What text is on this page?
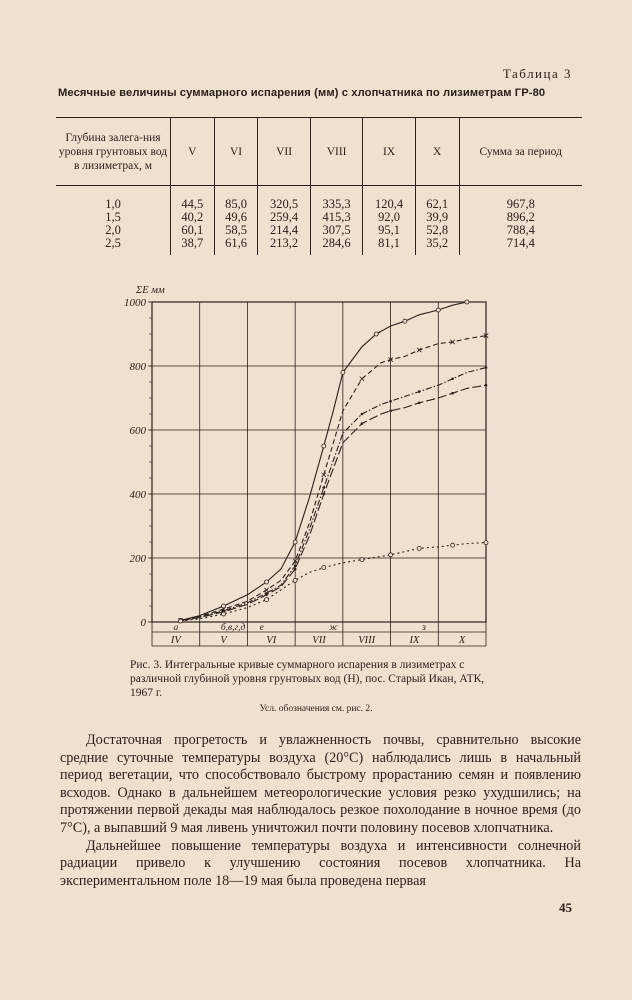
Таблица 3
Месячные величины суммарного испарения (мм) с хлопчатника по лизиметрам ГР-80
Глубина залега-ния уровня грунтовых вод в лизиметрах, м	V	VI	VII	VIII	IX	X	Сумма за период
1,0	44,5	85,0	320,5	335,3	120,4	62,1	967,8
1,5	40,2	49,6	259,4	415,3	92,0	39,9	896,2
2,0	60,1	58,5	214,4	307,5	95,1	52,8	788,4
2,5	38,7	61,6	213,2	284,6	81,1	35,2	714,4
0
200
400
600
800
1000
IV	V	VI	VII	VIII	IX	X
a	б,в,г,д е	ж	з
ΣE мм

Рис. 3. Интегральные кривые суммарного испарения в лизиметрах с различной глубиной уровня грунтовых вод (H), пос. Старый Икан, АТК, 1967 г.

Усл. обозначения см. рис. 2.

Достаточная прогретость и увлажненность почвы, сравнительно высокие средние суточные температуры воздуха (20°С) наблюдались лишь в начальный период вегетации, что способствовало быстрому прорастанию семян и появлению всходов. Однако в дальнейшем метеорологические условия резко ухудшились; на протяжении первой декады мая наблюдалось резкое похолодание в ночное время (до 7°С), а выпавший 9 мая ливень уничтожил почти половину посевов хлопчатника.

Дальнейшее повышение температуры воздуха и интенсивности солнечной радиации привело к улучшению состояния посевов хлопчатника. На экспериментальном поле 18—19 мая была проведена первая

45
